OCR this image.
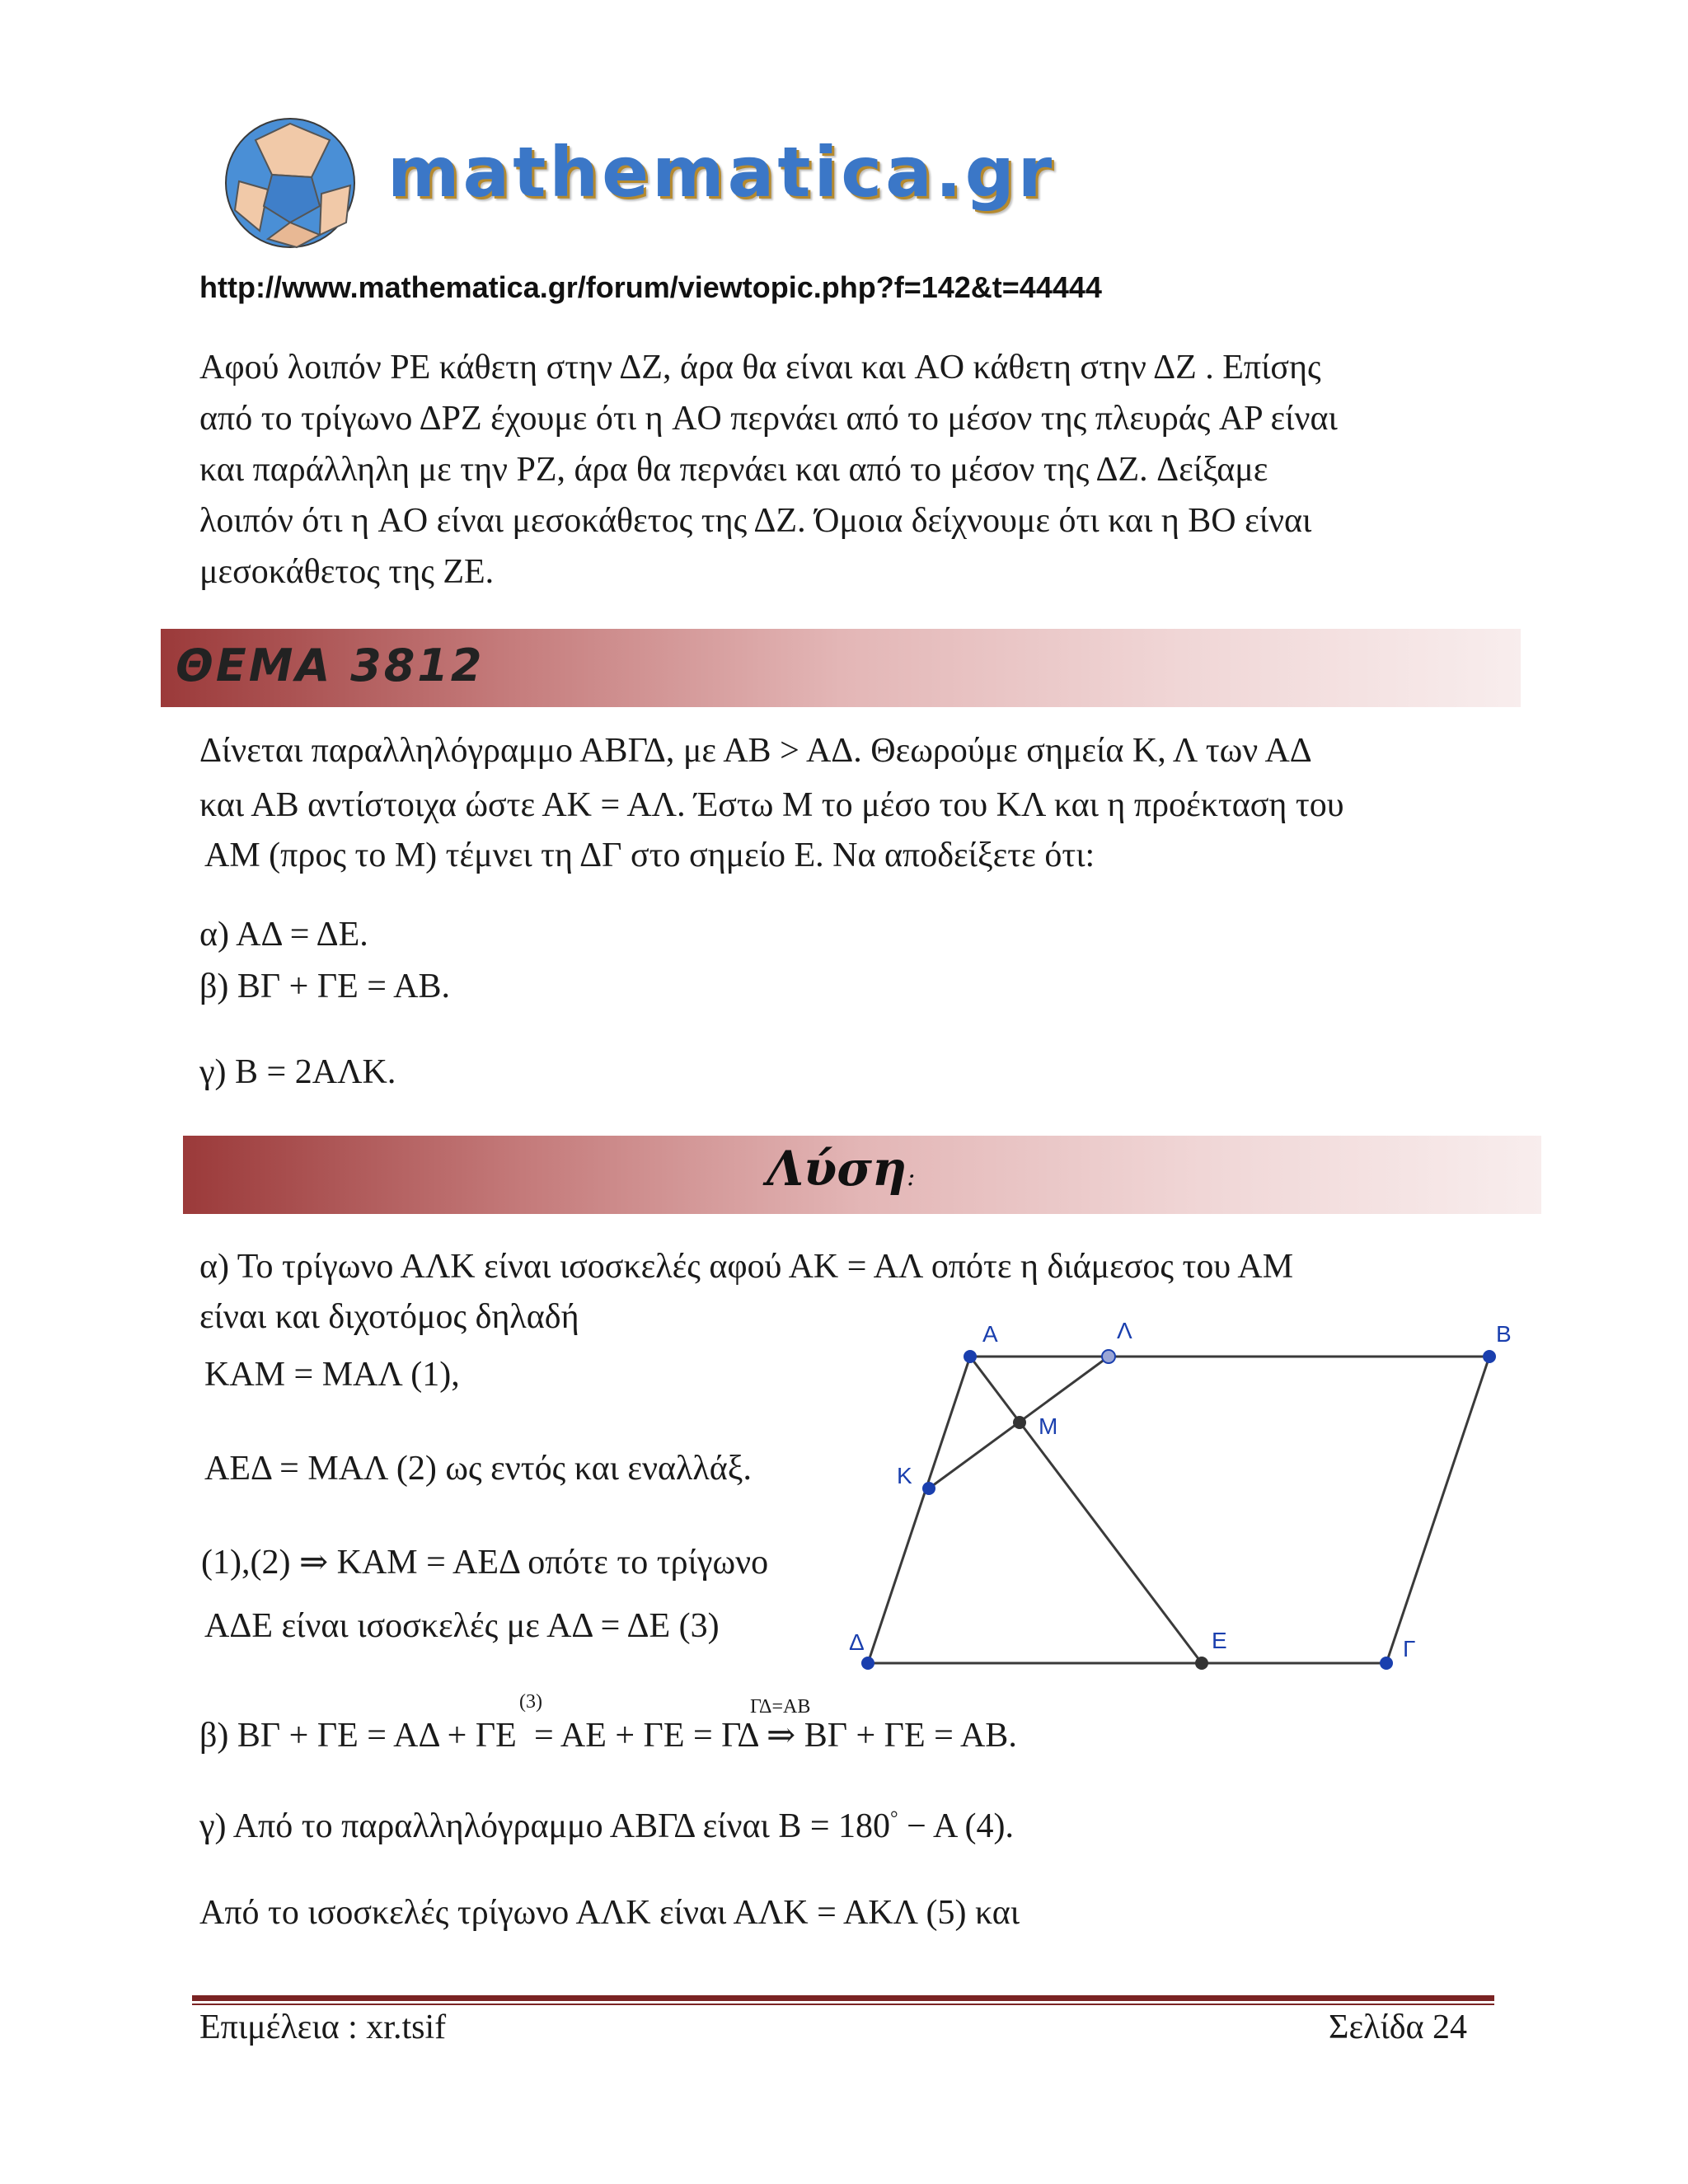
mathematica.gr
http://www.mathematica.gr/forum/viewtopic.php?f=142&t=44444
Αφού λοιπόν PE κάθετη στην ΔZ, άρα θα είναι και AO κάθετη στην ΔZ . Επίσης
από το τρίγωνο ΔPZ έχουμε ότι η AO περνάει από το μέσον της πλευράς AP είναι
και παράλληλη με την PZ, άρα θα περνάει και από το μέσον της ΔZ. Δείξαμε
λοιπόν ότι η AO είναι μεσοκάθετος της ΔZ. Όμοια δείχνουμε ότι και η BO είναι
μεσοκάθετος της ZE.
ΘΕΜΑ 3812
Δίνεται παραλληλόγραμμο ΑΒΓΔ, με ΑΒ > ΑΔ. Θεωρούμε σημεία Κ, Λ των ΑΔ
και ΑΒ αντίστοιχα ώστε ΑΚ = ΑΛ. Έστω Μ το μέσο του ΚΛ και η προέκταση του
ΑΜ (προς το Μ) τέμνει τη ΔΓ στο σημείο Ε. Να αποδείξετε ότι:
α) ΑΔ = ΔΕ.
β) ΒΓ + ΓΕ = ΑΒ.
γ) Β = 2ΑΛΚ.
Λύση:
α) Το τρίγωνο ΑΛΚ είναι ισοσκελές αφού ΑΚ = ΑΛ οπότε η διάμεσος του ΑΜ
είναι και διχοτόμος δηλαδή
ΚΑΜ = ΜΑΛ (1),
ΑΕΔ = ΜΑΛ (2) ως εντός και εναλλάξ.
(1),(2) ⇒ ΚΑΜ = ΑΕΔ οπότε το τρίγωνο
ΑΔΕ είναι ισοσκελές με ΑΔ = ΔΕ (3)
β) ΒΓ + ΓΕ = ΑΔ + ΓΕ
(3)
= ΑΕ + ΓΕ = ΓΔ
ΓΔ=ΑΒ
⇒ ΒΓ + ΓΕ = ΑΒ.
γ) Από το παραλληλόγραμμο ΑΒΓΔ είναι Β = 180° − Α (4).
Από το ισοσκελές τρίγωνο ΑΛΚ είναι ΑΛΚ = ΑΚΛ (5) και
A	Λ	B
M
K
Δ	E	Γ
Επιμέλεια : xr.tsif	Σελίδα 24
